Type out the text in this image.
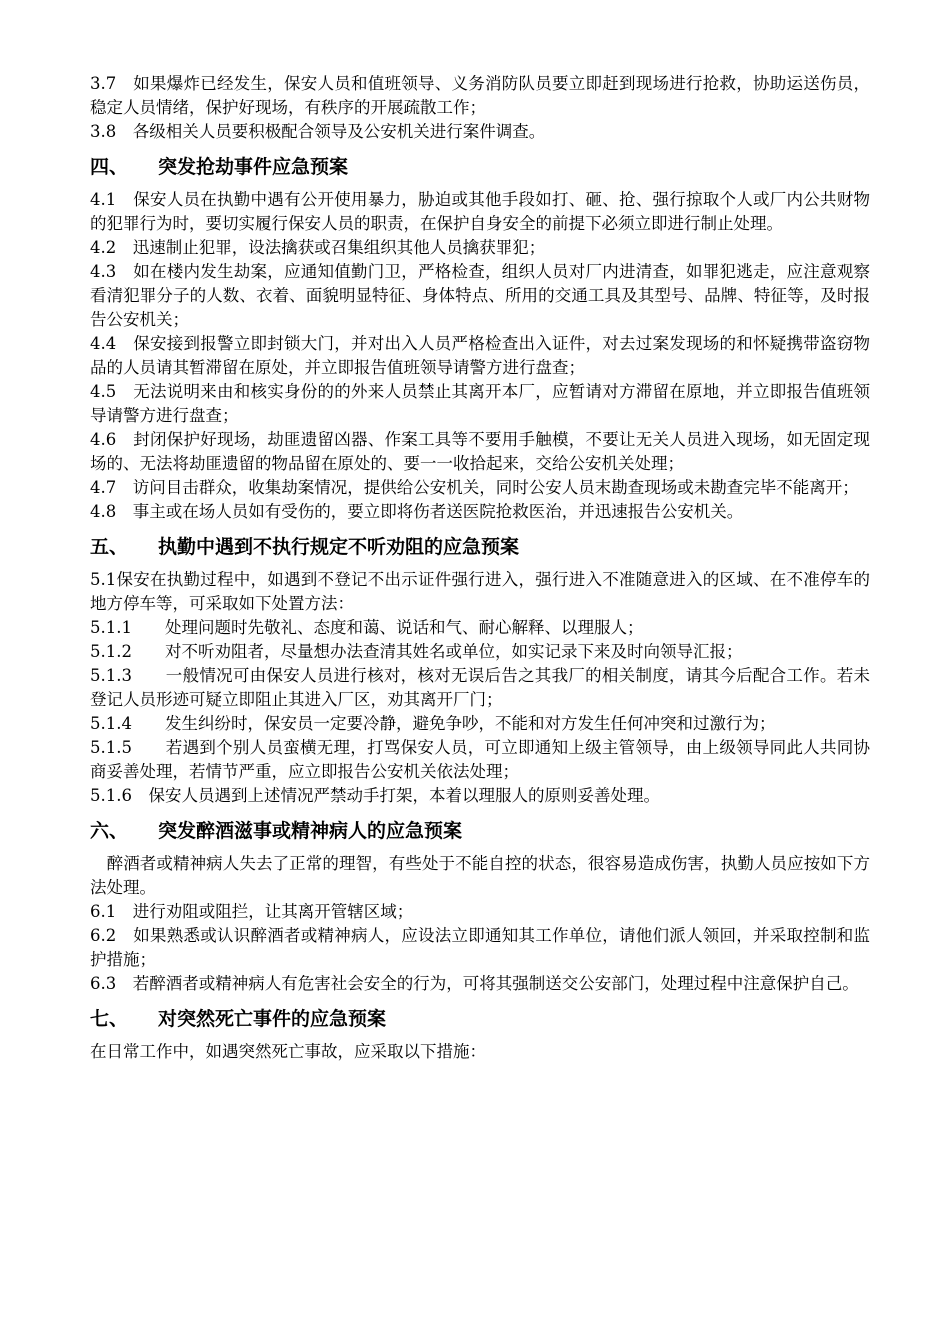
3.7　如果爆炸已经发生，保安人员和值班领导、义务消防队员要立即赶到现场进行抢救，协助运送伤员，稳定人员情绪，保护好现场，有秩序的开展疏散工作；

3.8　各级相关人员要积极配合领导及公安机关进行案件调查。

四、 突发抢劫事件应急预案

4.1　保安人员在执勤中遇有公开使用暴力，胁迫或其他手段如打、砸、抢、强行掠取个人或厂内公共财物的犯罪行为时，要切实履行保安人员的职责，在保护自身安全的前提下必须立即进行制止处理。

4.2　迅速制止犯罪，设法擒获或召集组织其他人员擒获罪犯；

4.3　如在楼内发生劫案，应通知值勤门卫，严格检查，组织人员对厂内进清查，如罪犯逃走，应注意观察看清犯罪分子的人数、衣着、面貌明显特征、身体特点、所用的交通工具及其型号、品牌、特征等，及时报告公安机关；

4.4　保安接到报警立即封锁大门，并对出入人员严格检查出入证件，对去过案发现场的和怀疑携带盗窃物品的人员请其暂滞留在原处，并立即报告值班领导请警方进行盘查；

4.5　无法说明来由和核实身份的的外来人员禁止其离开本厂，应暂请对方滞留在原地，并立即报告值班领导请警方进行盘查；

4.6　封闭保护好现场，劫匪遗留凶器、作案工具等不要用手触模，不要让无关人员进入现场，如无固定现场的、无法将劫匪遗留的物品留在原处的、要一一收拾起来，交给公安机关处理；

4.7　访问目击群众，收集劫案情况，提供给公安机关，同时公安人员末勘查现场或未勘查完毕不能离开；

4.8　事主或在场人员如有受伤的，要立即将伤者送医院抢救医治，并迅速报告公安机关。

五、 执勤中遇到不执行规定不听劝阻的应急预案

5.1保安在执勤过程中，如遇到不登记不出示证件强行进入，强行进入不准随意进入的区域、在不准停车的地方停车等，可采取如下处置方法：

5.1.1　　处理问题时先敬礼、态度和蔼、说话和气、耐心解释、以理服人；

5.1.2　　对不听劝阻者，尽量想办法查清其姓名或单位，如实记录下来及时向领导汇报；

5.1.3　　一般情况可由保安人员进行核对，核对无误后告之其我厂的相关制度，请其今后配合工作。若未登记人员形迹可疑立即阻止其进入厂区，劝其离开厂门；

5.1.4　　发生纠纷时，保安员一定要冷静，避免争吵，不能和对方发生任何冲突和过激行为；

5.1.5　　若遇到个别人员蛮横无理，打骂保安人员，可立即通知上级主管领导，由上级领导同此人共同协商妥善处理，若情节严重，应立即报告公安机关依法处理；

5.1.6　保安人员遇到上述情况严禁动手打架，本着以理服人的原则妥善处理。

六、 突发醉酒滋事或精神病人的应急预案

　醉酒者或精神病人失去了正常的理智，有些处于不能自控的状态，很容易造成伤害，执勤人员应按如下方法处理。

6.1　进行劝阻或阻拦，让其离开管辖区域；

6.2　如果熟悉或认识醉酒者或精神病人，应设法立即通知其工作单位，请他们派人领回，并采取控制和监护措施；

6.3　若醉酒者或精神病人有危害社会安全的行为，可将其强制送交公安部门，处理过程中注意保护自己。

七、 对突然死亡事件的应急预案

在日常工作中，如遇突然死亡事故，应采取以下措施：
